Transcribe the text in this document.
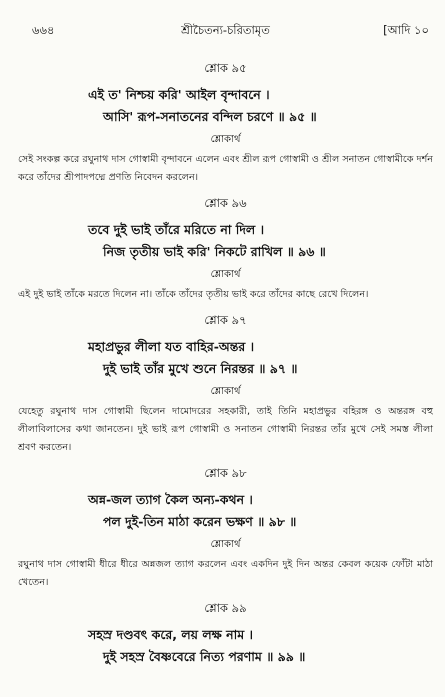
৬৬৪	শ্রীচৈতন্য-চরিতামৃত	[আদি ১০
শ্লোক ৯৫
এই ত' নিশ্চয় করি' আইল বৃন্দাবনে ।
আসি' রূপ-সনাতনের বন্দিল চরণে ॥ ৯৫ ॥
শ্লোকার্থ
সেই সংকল্প করে রঘুনাথ দাস গোস্বামী বৃন্দাবনে এলেন এবং শ্রীল রূপ গোস্বামী ও শ্রীল সনাতন গোস্বামীকে দর্শন করে তাঁদের শ্রীপাদপদ্মে প্রণতি নিবেদন করলেন।
শ্লোক ৯৬
তবে দুই ভাই তাঁরে মরিতে না দিল ।
নিজ তৃতীয় ভাই করি' নিকটে রাখিল ॥ ৯৬ ॥
শ্লোকার্থ
এই দুই ভাই তাঁকে মরতে দিলেন না। তাঁকে তাঁদের তৃতীয় ভাই করে তাঁদের কাছে রেখে দিলেন।
শ্লোক ৯৭
মহাপ্রভুর লীলা যত বাহির-অন্তর ।
দুই ভাই তাঁর মুখে শুনে নিরন্তর ॥ ৯৭ ॥
শ্লোকার্থ
যেহেতু রঘুনাথ দাস গোস্বামী ছিলেন দামোদরের সহকারী, তাই তিনি মহাপ্রভুর বহিরঙ্গ ও অন্তরঙ্গ বহু লীলাবিলাসের কথা জানতেন। দুই ভাই রূপ গোস্বামী ও সনাতন গোস্বামী নিরন্তর তাঁর মুখে সেই সমস্ত লীলা শ্রবণ করতেন।
শ্লোক ৯৮
অন্ন-জল ত্যাগ কৈল অন্য-কথন ।
পল দুই-তিন মাঠা করেন ভক্ষণ ॥ ৯৮ ॥
শ্লোকার্থ
রঘুনাথ দাস গোস্বামী ধীরে ধীরে অন্নজল ত্যাগ করলেন এবং একদিন দুই দিন অন্তর কেবল কয়েক ফোঁটা মাঠা খেতেন।
শ্লোক ৯৯
সহস্র দণ্ডবৎ করে, লয় লক্ষ নাম ।
দুই সহস্র বৈষ্ণবেরে নিত্য পরণাম ॥ ৯৯ ॥
